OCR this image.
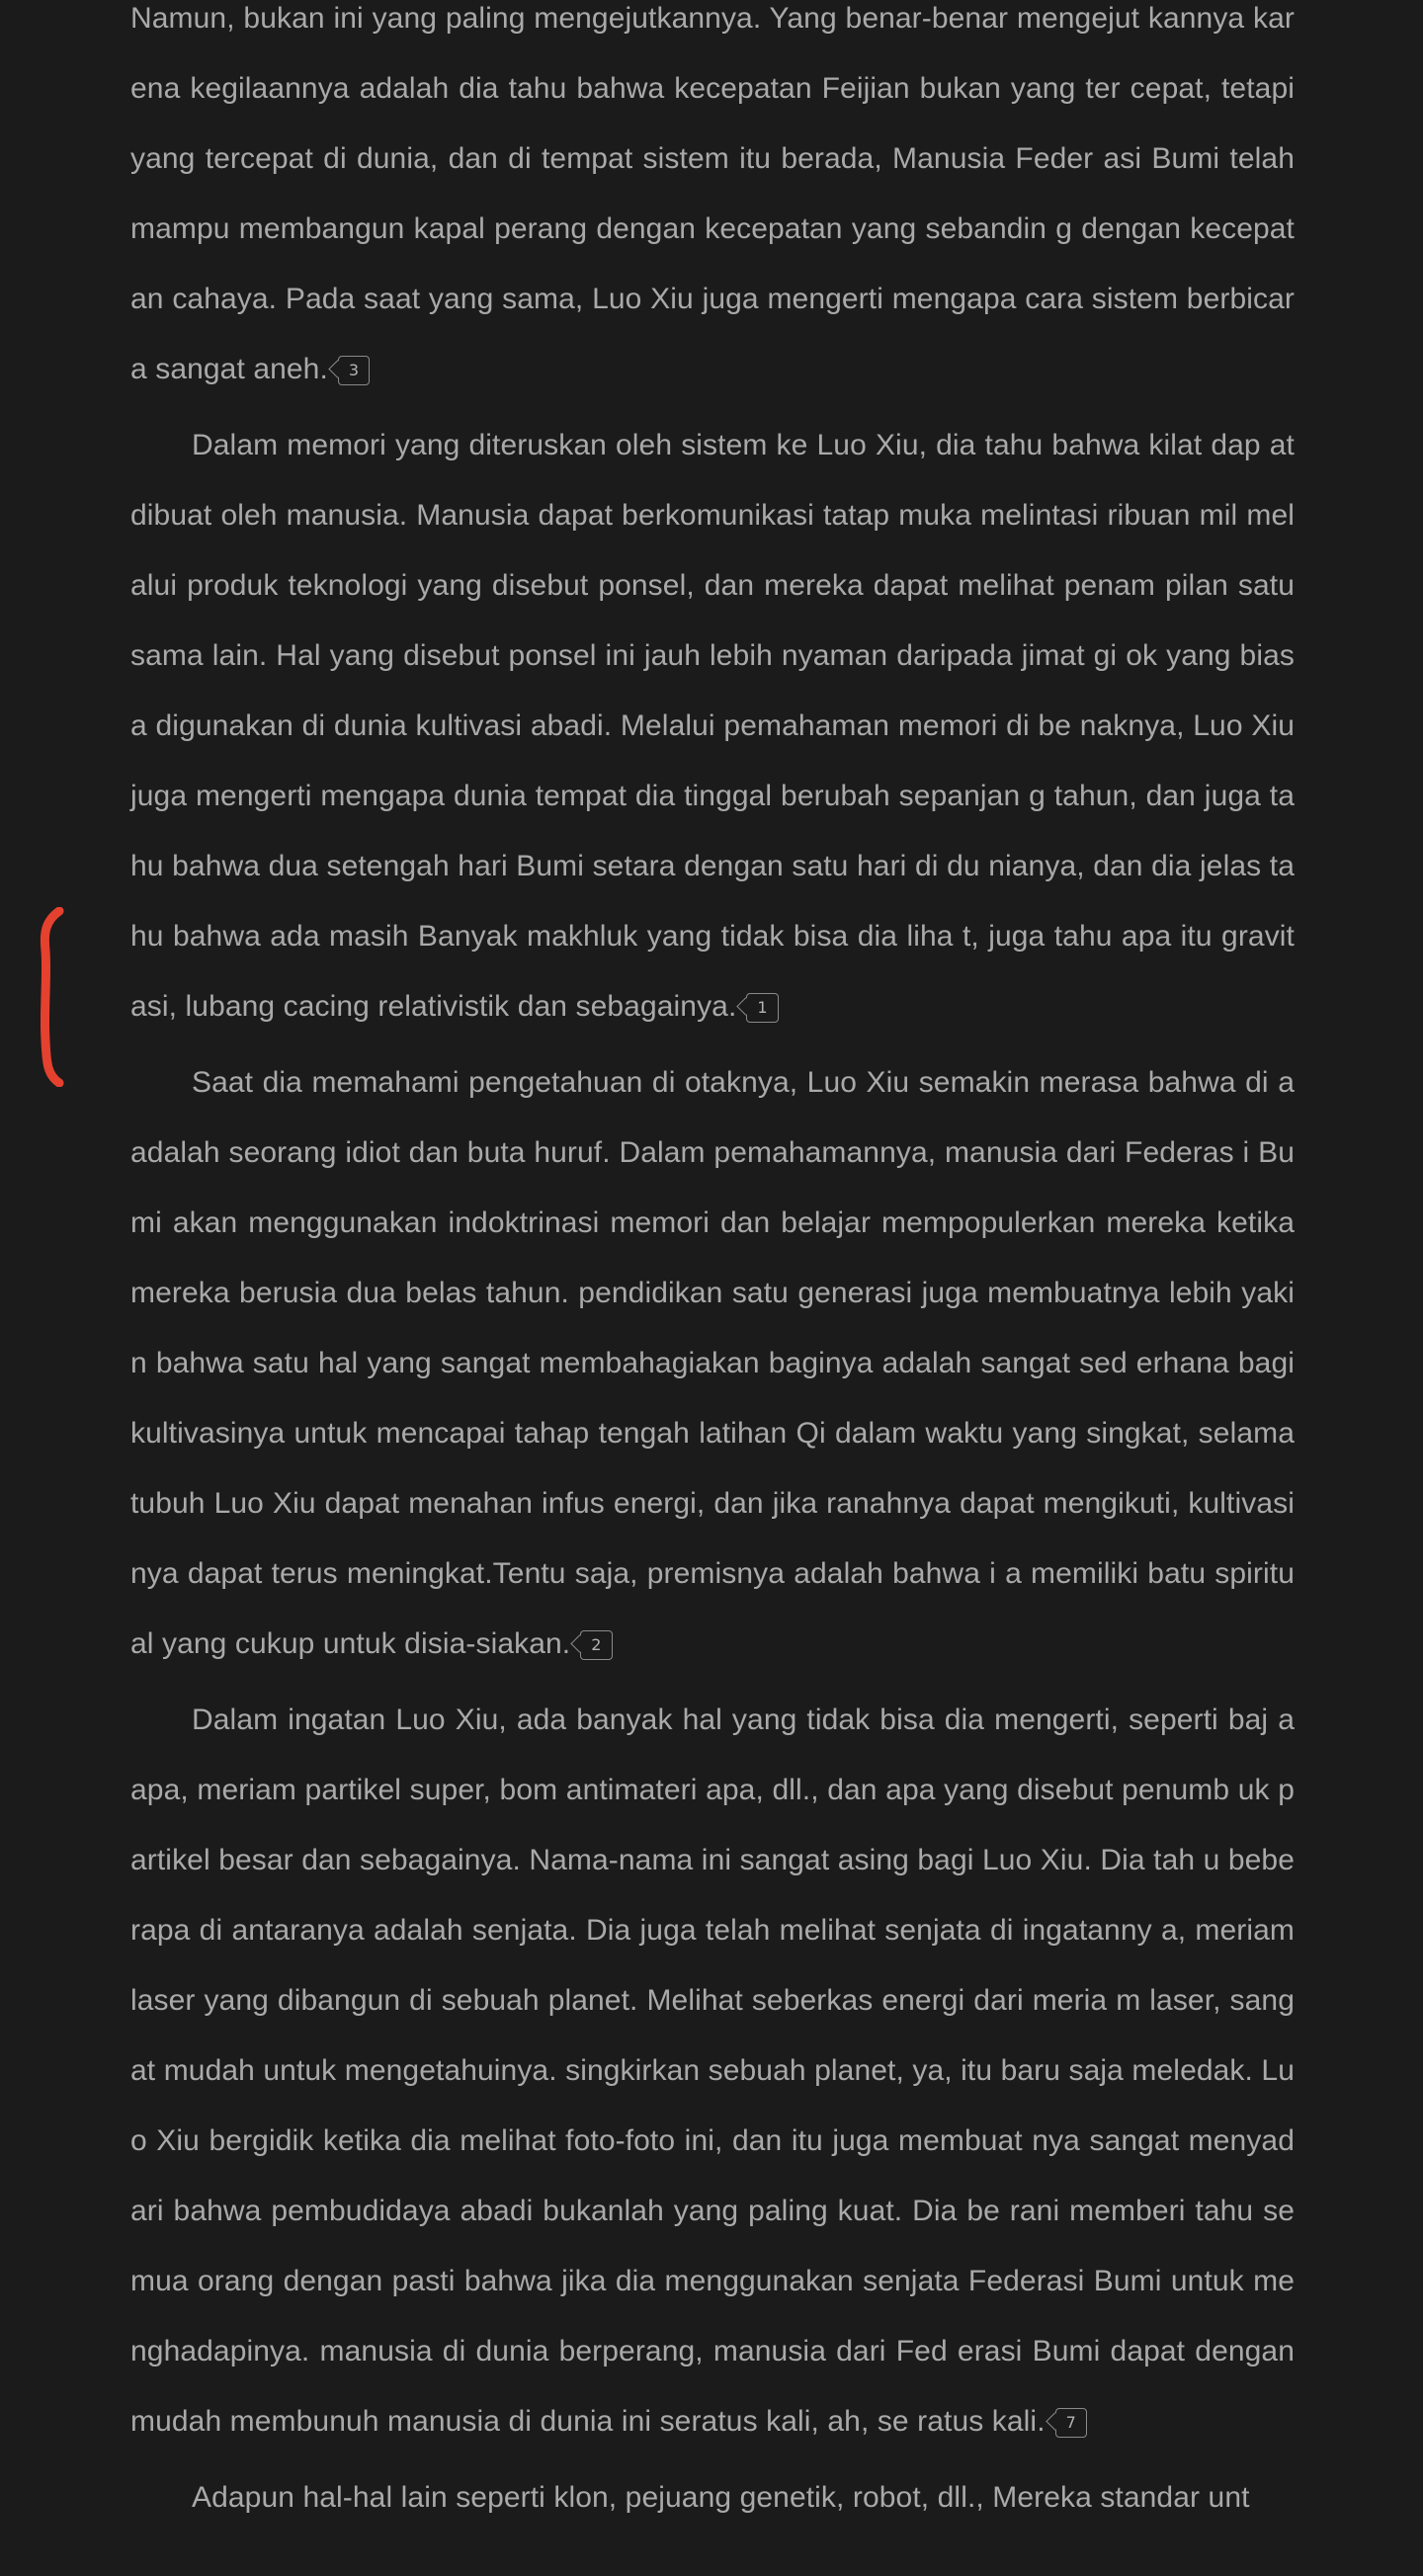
Namun, bukan ini yang paling mengejutkannya. Yang benar-benar mengejut kannya karena kegilaannya adalah dia tahu bahwa kecepatan Feijian bukan yang ter cepat, tetapi yang tercepat di dunia, dan di tempat sistem itu berada, Manusia Feder asi Bumi telah mampu membangun kapal perang dengan kecepatan yang sebandin g dengan kecepatan cahaya. Pada saat yang sama, Luo Xiu juga mengerti mengapa cara sistem berbicara sangat aneh. 3

Dalam memori yang diteruskan oleh sistem ke Luo Xiu, dia tahu bahwa kilat dap at dibuat oleh manusia. Manusia dapat berkomunikasi tatap muka melintasi ribuan mil melalui produk teknologi yang disebut ponsel, dan mereka dapat melihat penam pilan satu sama lain. Hal yang disebut ponsel ini jauh lebih nyaman daripada jimat gi ok yang biasa digunakan di dunia kultivasi abadi. Melalui pemahaman memori di be naknya, Luo Xiu juga mengerti mengapa dunia tempat dia tinggal berubah sepanjan g tahun, dan juga tahu bahwa dua setengah hari Bumi setara dengan satu hari di du nianya, dan dia jelas tahu bahwa ada masih Banyak makhluk yang tidak bisa dia liha t, juga tahu apa itu gravitasi, lubang cacing relativistik dan sebagainya. 1

Saat dia memahami pengetahuan di otaknya, Luo Xiu semakin merasa bahwa di a adalah seorang idiot dan buta huruf. Dalam pemahamannya, manusia dari Federas i Bumi akan menggunakan indoktrinasi memori dan belajar mempopulerkan mereka ketika mereka berusia dua belas tahun. pendidikan satu generasi juga membuatnya lebih yakin bahwa satu hal yang sangat membahagiakan baginya adalah sangat sed erhana bagi kultivasinya untuk mencapai tahap tengah latihan Qi dalam waktu yang singkat, selama tubuh Luo Xiu dapat menahan infus energi, dan jika ranahnya dapat mengikuti, kultivasinya dapat terus meningkat.Tentu saja, premisnya adalah bahwa i a memiliki batu spiritual yang cukup untuk disia-siakan. 2

Dalam ingatan Luo Xiu, ada banyak hal yang tidak bisa dia mengerti, seperti baj a apa, meriam partikel super, bom antimateri apa, dll., dan apa yang disebut penumb uk partikel besar dan sebagainya. Nama-nama ini sangat asing bagi Luo Xiu. Dia tah u beberapa di antaranya adalah senjata. Dia juga telah melihat senjata di ingatanny a, meriam laser yang dibangun di sebuah planet. Melihat seberkas energi dari meria m laser, sangat mudah untuk mengetahuinya. singkirkan sebuah planet, ya, itu baru saja meledak. Luo Xiu bergidik ketika dia melihat foto-foto ini, dan itu juga membuat nya sangat menyadari bahwa pembudidaya abadi bukanlah yang paling kuat. Dia be rani memberi tahu semua orang dengan pasti bahwa jika dia menggunakan senjata Federasi Bumi untuk menghadapinya. manusia di dunia berperang, manusia dari Fed erasi Bumi dapat dengan mudah membunuh manusia di dunia ini seratus kali, ah, se ratus kali. 7

Adapun hal-hal lain seperti klon, pejuang genetik, robot, dll., Mereka standar unt
